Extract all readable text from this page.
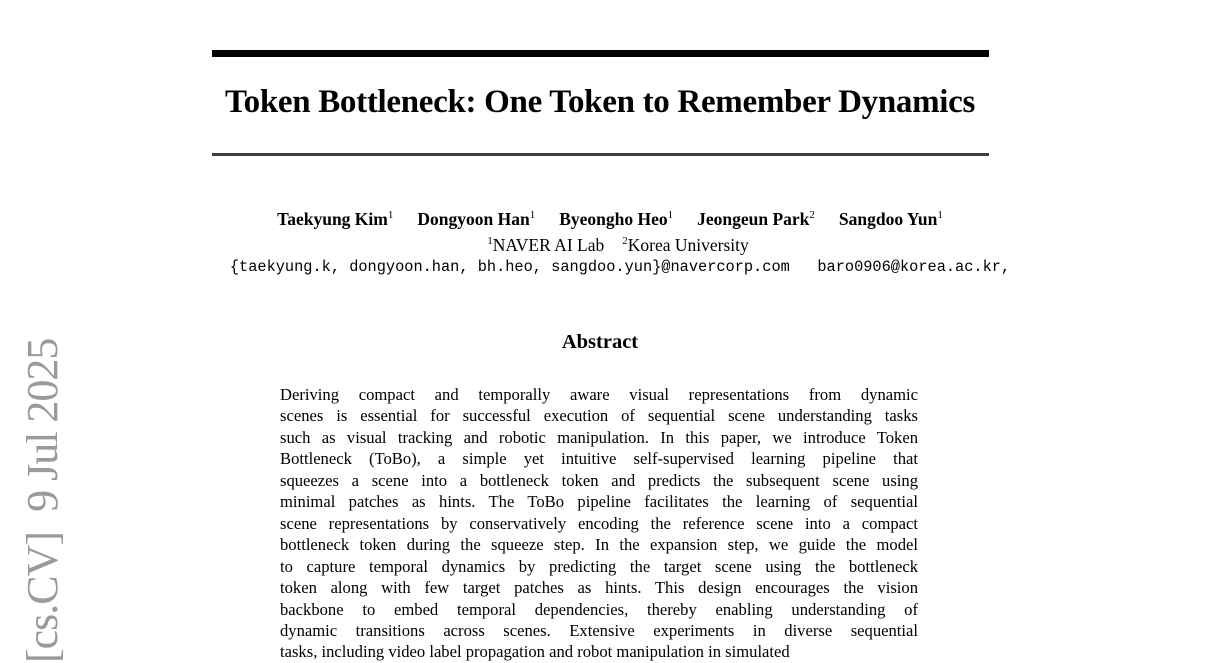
[cs.CV]  9 Jul 2025
Token Bottleneck: One Token to Remember Dynamics
Taekyung Kim$^1$ Dongyoon Han$^1$ Byeongho Heo$^1$ Jeongeun Park$^2$ Sangdoo Yun$^1$
$^1$NAVER AI Lab $^2$Korea University
{taekyung.k, dongyoon.han, bh.heo, sangdoo.yun}@navercorp.com   baro0906@korea.ac.kr,
Abstract
Deriving compact and temporally aware visual representations from dynamic
scenes is essential for successful execution of sequential scene understanding tasks
such as visual tracking and robotic manipulation. In this paper, we introduce Token
Bottleneck (ToBo), a simple yet intuitive self-supervised learning pipeline that
squeezes a scene into a bottleneck token and predicts the subsequent scene using
minimal patches as hints. The ToBo pipeline facilitates the learning of sequential
scene representations by conservatively encoding the reference scene into a compact
bottleneck token during the squeeze step. In the expansion step, we guide the model
to capture temporal dynamics by predicting the target scene using the bottleneck
token along with few target patches as hints. This design encourages the vision
backbone to embed temporal dependencies, thereby enabling understanding of
dynamic transitions across scenes. Extensive experiments in diverse sequential
tasks, including video label propagation and robot manipulation in simulated
